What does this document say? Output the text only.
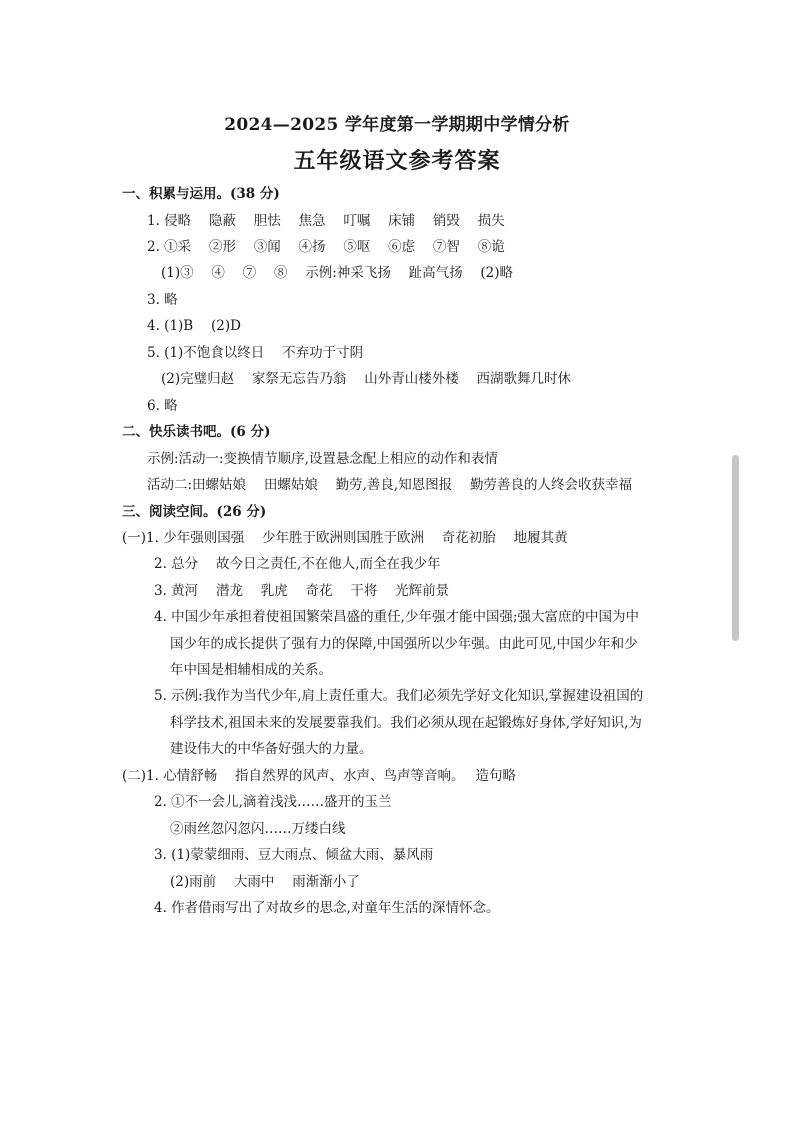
2024—2025 学年度第一学期期中学情分析
五年级语文参考答案
一、积累与运用。(38 分)
1. 侵略　 隐蔽　 胆怯　 焦急　 叮嘱　 床铺　 销毁　 损失
2. ①采　 ②形　 ③闻　 ④扬　 ⑤呕　 ⑥虑　 ⑦智　 ⑧诡
(1)③　 ④　 ⑦　 ⑧　 示例:神采飞扬　 趾高气扬　 (2)略
3. 略
4. (1)B　 (2)D
5. (1)不饱食以终日　 不弃功于寸阴
(2)完璧归赵　 家祭无忘告乃翁　 山外青山楼外楼　 西湖歌舞几时休
6. 略
二、快乐读书吧。(6 分)
示例:活动一:变换情节顺序,设置悬念配上相应的动作和表情
活动二:田螺姑娘　 田螺姑娘　 勤劳,善良,知恩图报　 勤劳善良的人终会收获幸福
三、阅读空间。(26 分)
(一)1. 少年强则国强　 少年胜于欧洲则国胜于欧洲　 奇花初胎　 地履其黄
2. 总分　 故今日之责任,不在他人,而全在我少年
3. 黄河　 潜龙　 乳虎　 奇花　 干将　 光辉前景
4. 中国少年承担着使祖国繁荣昌盛的重任,少年强才能中国强;强大富庶的中国为中
国少年的成长提供了强有力的保障,中国强所以少年强。由此可见,中国少年和少
年中国是相辅相成的关系。
5. 示例:我作为当代少年,肩上责任重大。我们必须先学好文化知识,掌握建设祖国的
科学技术,祖国未来的发展要靠我们。我们必须从现在起锻炼好身体,学好知识,为
建设伟大的中华备好强大的力量。
(二)1. 心情舒畅　 指自然界的风声、水声、鸟声等音响。　 造句略
2. ①不一会儿,滴着浅浅……盛开的玉兰
②雨丝忽闪忽闪……万缕白线
3. (1)蒙蒙细雨、豆大雨点、倾盆大雨、暴风雨
(2)雨前　 大雨中　 雨渐渐小了
4. 作者借雨写出了对故乡的思念,对童年生活的深情怀念。
